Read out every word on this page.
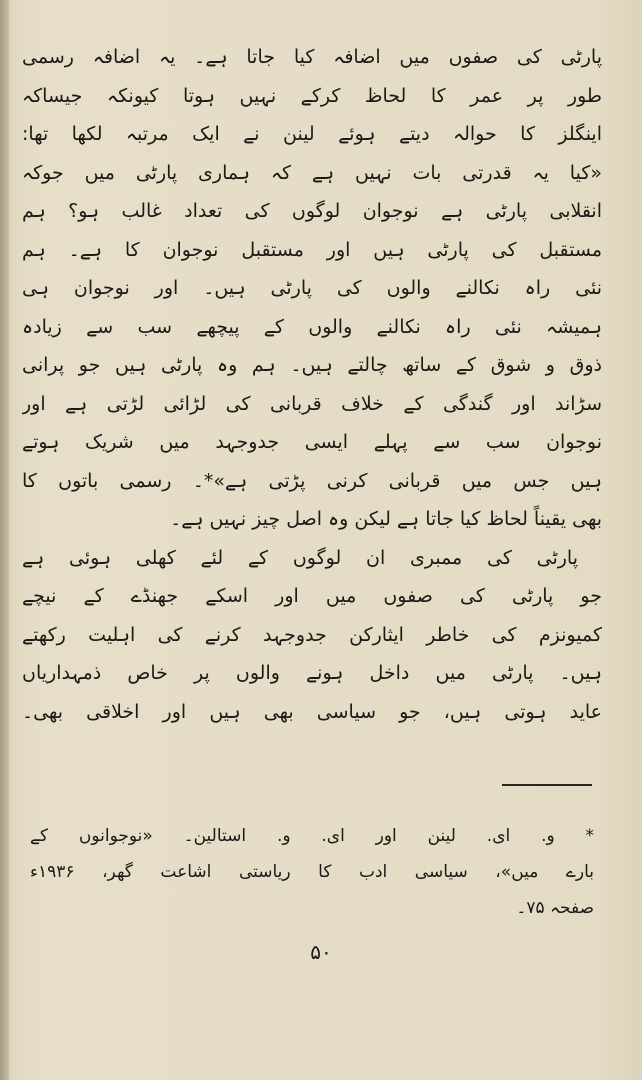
پارٹی کی صفوں میں اضافہ کیا جاتا ہے۔ یہ اضافہ رسمی
طور پر عمر کا لحاظ کرکے نہیں ہوتا کیونکہ جیساکہ
اینگلز کا حوالہ دیتے ہوئے لینن نے ایک مرتبہ لکھا تھا:
«کیا یہ قدرتی بات نہیں ہے کہ ہماری پارٹی میں جوکہ
انقلابی پارٹی ہے نوجوان لوگوں کی تعداد غالب ہو؟ ہم
مستقبل کی پارٹی ہیں اور مستقبل نوجوان کا ہے۔ ہم
نئی راہ نکالنے والوں کی پارٹی ہیں۔ اور نوجوان ہی
ہمیشہ نئی راہ نکالنے والوں کے پیچھے سب سے زیادہ
ذوق و شوق کے ساتھ چالتے ہیں۔ ہم وہ پارٹی ہیں جو پرانی
سڑاند اور گندگی کے خلاف قربانی کی لڑائی لڑتی ہے اور
نوجوان سب سے پہلے ایسی جدوجہد میں شریک ہوتے
ہیں جس میں قربانی کرنی پڑتی ہے»*۔ رسمی باتوں کا
بھی یقیناً لحاظ کیا جاتا ہے لیکن وہ اصل چیز نہیں ہے۔
پارٹی کی ممبری ان لوگوں کے لئے کھلی ہوئی ہے
جو پارٹی کی صفوں میں اور اسکے جھنڈے کے نیچے
کمیونزم کی خاطر ایثارکن جدوجہد کرنے کی اہلیت رکھتے
ہیں۔ پارٹی میں داخل ہونے والوں پر خاص ذمہداریاں
عاید ہوتی ہیں، جو سیاسی بھی ہیں اور اخلاقی بھی۔
* و. ای. لینن اور ای. و. استالین۔ «نوجوانوں کے
بارے میں»، سیاسی ادب کا ریاستی اشاعت گھر، ۱۹۳۶ء
صفحہ ۷۵۔
۵۰
